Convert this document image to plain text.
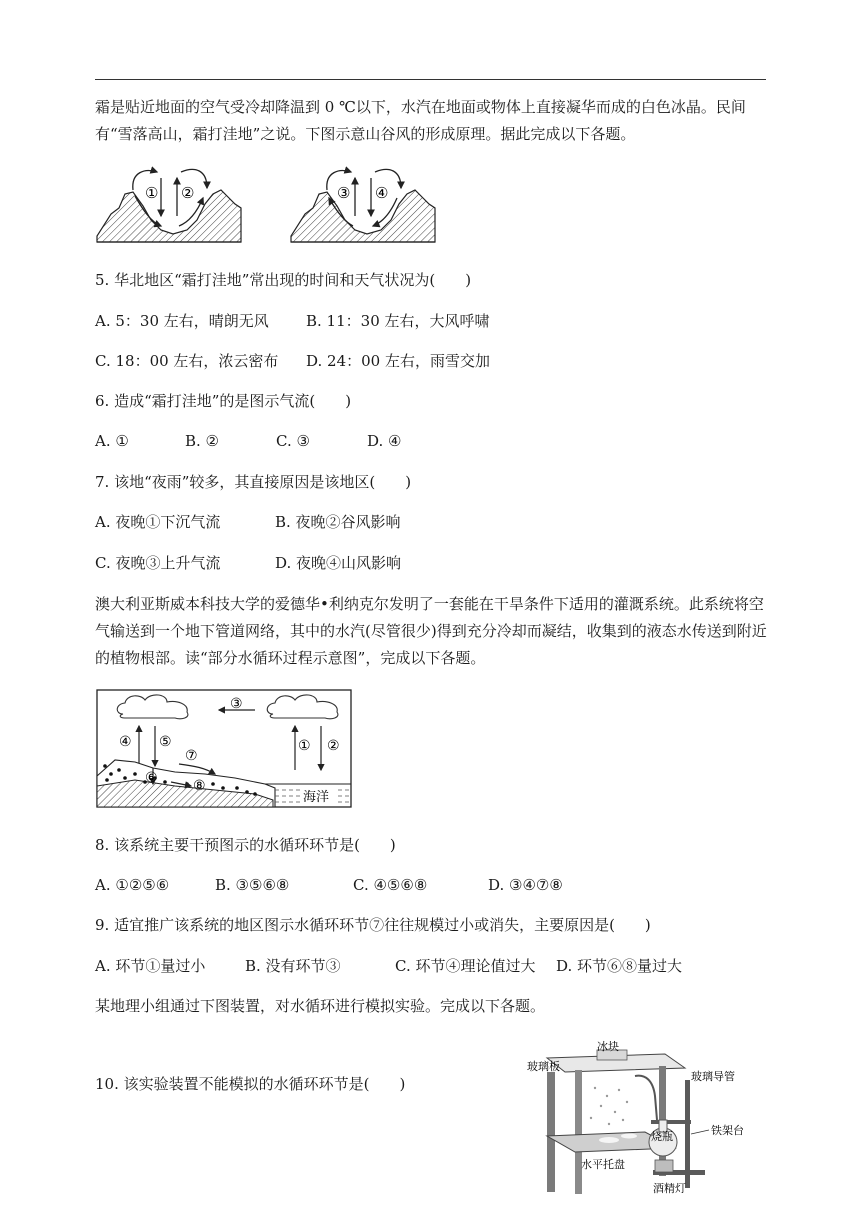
霜是贴近地面的空气受冷却降温到 0 ℃以下，水汽在地面或物体上直接凝华而成的白色冰晶。民间有“雪落高山，霜打洼地”之说。下图示意山谷风的形成原理。据此完成以下各题。

① ②	③ ④
5. 华北地区“霜打洼地”常出现的时间和天气状况为(　　)
A. 5：30 左右，晴朗无风 B. 11：30 左右，大风呼啸
C. 18：00 左右，浓云密布 D. 24：00 左右，雨雪交加
6. 造成“霜打洼地”的是图示气流(　　)
A. ①	B. ②	C. ③	D. ④
7. 该地“夜雨”较多，其直接原因是该地区(　　)
A. 夜晚①下沉气流	B. 夜晚②谷风影响
C. 夜晚③上升气流	D. 夜晚④山风影响

澳大利亚斯威本科技大学的爱德华•利纳克尔发明了一套能在干旱条件下适用的灌溉系统。此系统将空气输送到一个地下管道网络，其中的水汽(尽管很少)得到充分冷却而凝结，收集到的液态水传送到附近的植物根部。读“部分水循环过程示意图”，完成以下各题。

③
④ ⑤	① ②
⑦
⑥	⑧
海洋
8. 该系统主要干预图示的水循环环节是(　　)
A. ①②⑤⑥	B. ③⑤⑥⑧	C. ④⑤⑥⑧	D. ③④⑦⑧
9. 适宜推广该系统的地区图示水循环环节⑦往往规模过小或消失，主要原因是(　　)
A. 环节①量过小	B. 没有环节③	C. 环节④理论值过大 D. 环节⑥⑧量过大
某地理小组通过下图装置，对水循环进行模拟实验。完成以下各题。
10. 该实验装置不能模拟的水循环环节是(　　)
玻璃板
冰块
玻璃导管
铁架台
烧瓶
水平托盘
酒精灯
